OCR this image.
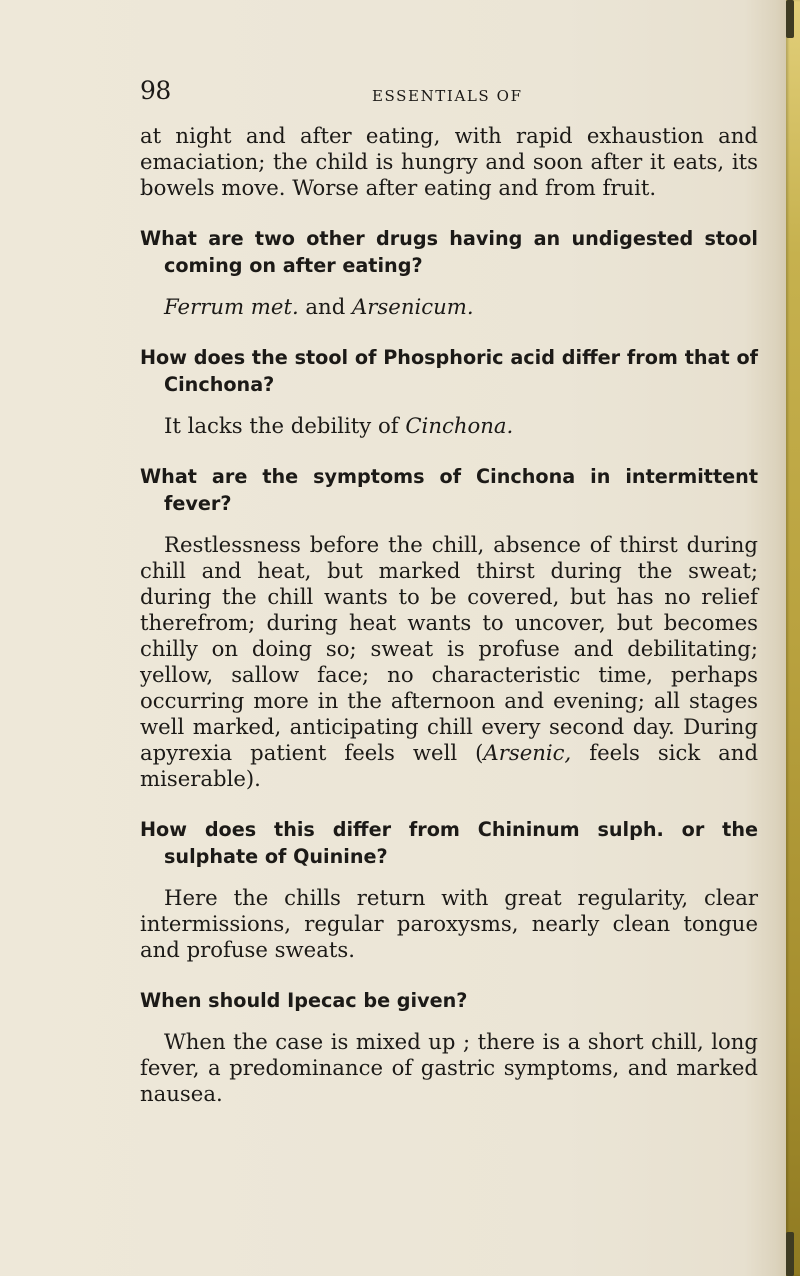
98	ESSENTIALS OF

at night and after eating, with rapid exhaustion and emaciation; the child is hungry and soon after it eats, its bowels move. Worse after eating and from fruit.

What are two other drugs having an undigested stool coming on after eating?

Ferrum met. and Arsenicum.

How does the stool of Phosphoric acid differ from that of Cinchona?

It lacks the debility of Cinchona.

What are the symptoms of Cinchona in intermittent fever?

Restlessness before the chill, absence of thirst during chill and heat, but marked thirst during the sweat; during the chill wants to be covered, but has no relief therefrom; during heat wants to uncover, but becomes chilly on doing so; sweat is profuse and debilitating; yellow, sallow face; no characteristic time, perhaps occurring more in the afternoon and evening; all stages well marked, anticipating chill every second day. During apyrexia patient feels well (Arsenic, feels sick and miserable).

How does this differ from Chininum sulph. or the sulphate of Quinine?

Here the chills return with great regularity, clear intermissions, regular paroxysms, nearly clean tongue and profuse sweats.

When should Ipecac be given?

When the case is mixed up ; there is a short chill, long fever, a predominance of gastric symptoms, and marked nausea.
